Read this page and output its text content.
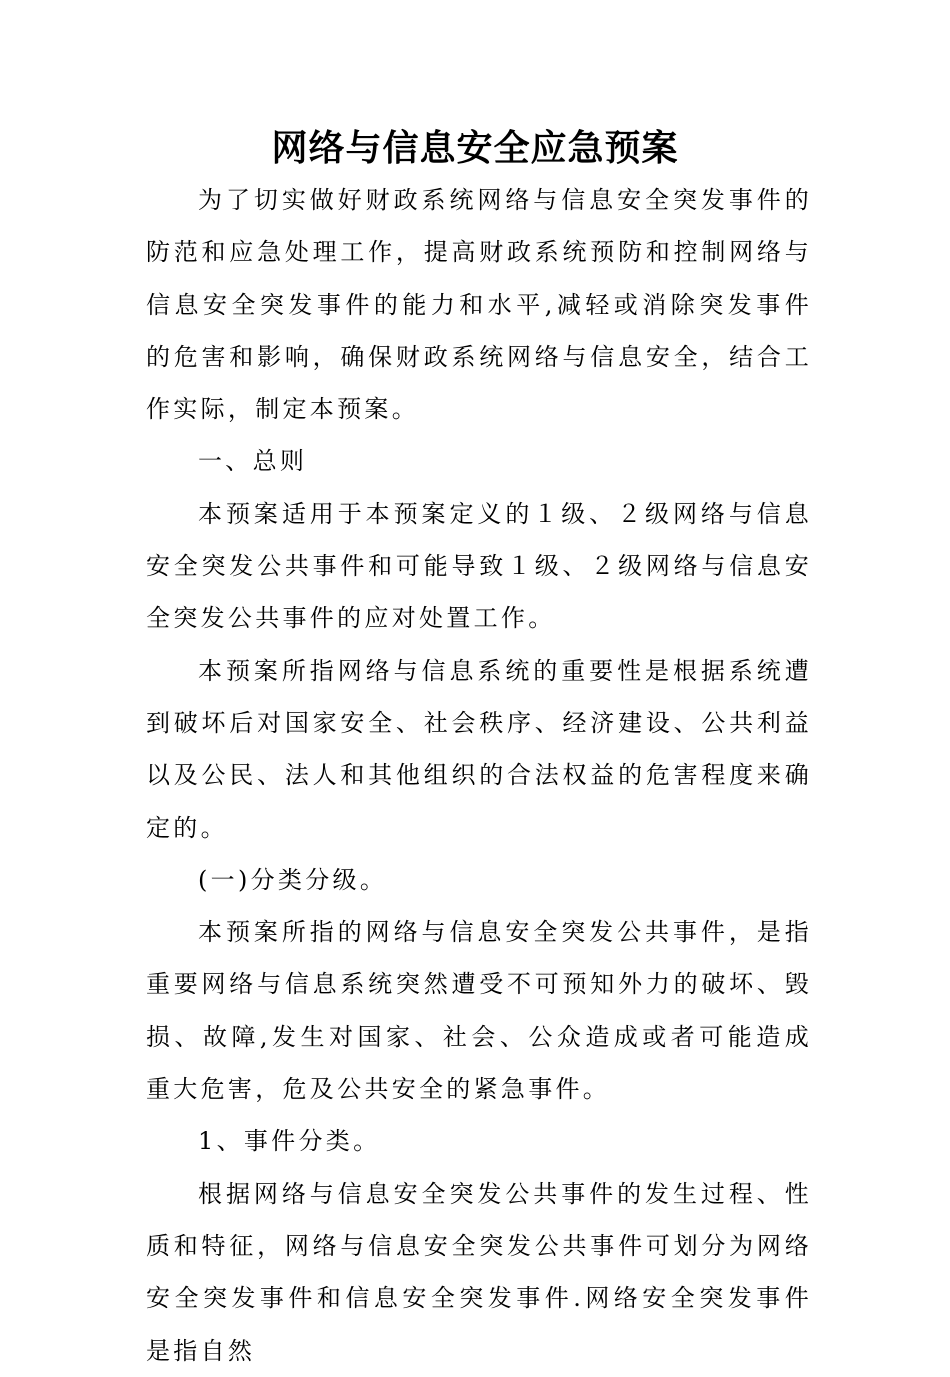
网络与信息安全应急预案

为了切实做好财政系统网络与信息安全突发事件的防范和应急处理工作，提高财政系统预防和控制网络与信息安全突发事件的能力和水平,减轻或消除突发事件的危害和影响，确保财政系统网络与信息安全，结合工作实际，制定本预案。

一、总则

本预案适用于本预案定义的１级、２级网络与信息安全突发公共事件和可能导致１级、２级网络与信息安全突发公共事件的应对处置工作。

本预案所指网络与信息系统的重要性是根据系统遭到破坏后对国家安全、社会秩序、经济建设、公共利益以及公民、法人和其他组织的合法权益的危害程度来确定的。

(一)分类分级。

本预案所指的网络与信息安全突发公共事件，是指重要网络与信息系统突然遭受不可预知外力的破坏、毁损、故障,发生对国家、社会、公众造成或者可能造成重大危害，危及公共安全的紧急事件。

1、事件分类。

根据网络与信息安全突发公共事件的发生过程、性质和特征，网络与信息安全突发公共事件可划分为网络安全突发事件和信息安全突发事件.网络安全突发事件是指自然
